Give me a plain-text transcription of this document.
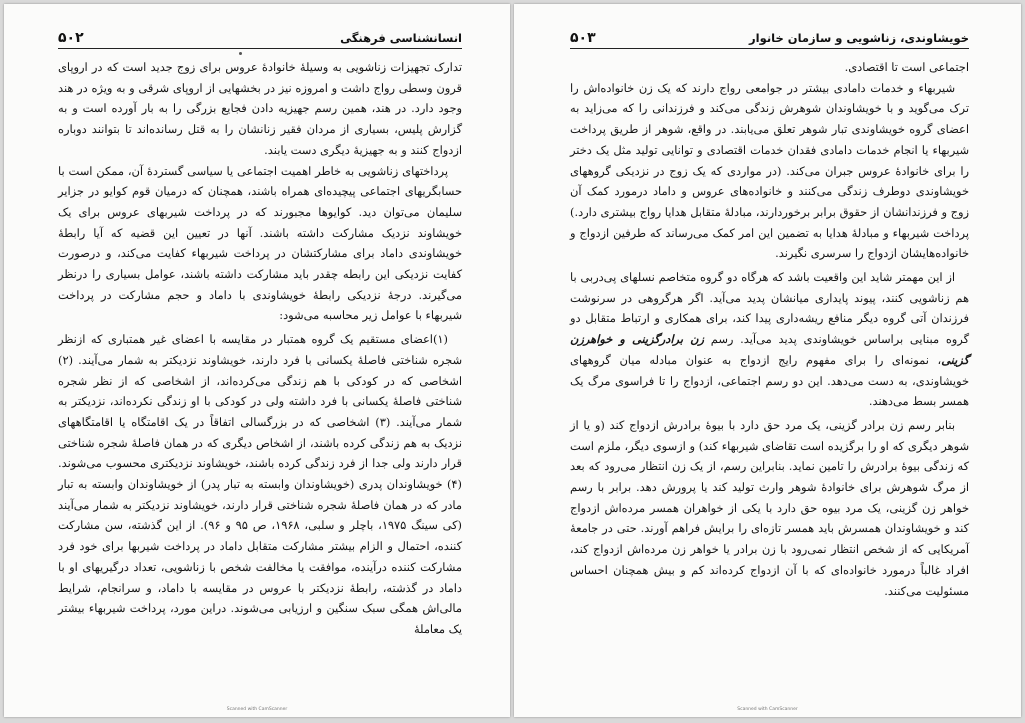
انسانشناسی فرهنگی
۵۰۲

تدارک تجهیزات زناشویی به وسیلهٔ خانوادهٔ عروس برای زوج جدید است که در اروپای قرون وسطی رواج داشت و امروزه نیز در بخشهایی از اروپای شرقی و به ویژه در هند وجود دارد. در هند، همین رسم جهیزیه دادن فجایع بزرگی را به بار آورده است و به گزارش پلیس، بسیاری از مردان فقیر زنانشان را به قتل رسانده‌اند تا بتوانند دوباره ازدواج کنند و به جهیزیهٔ دیگری دست یابند.

پرداختهای زناشویی به خاطر اهمیت اجتماعی یا سیاسی گستردهٔ آن، ممکن است با حسابگریهای اجتماعی پیچیده‌ای همراه باشند، همچنان که درمیان قوم کوایو در جزایر سلیمان می‌توان دید. کوایوها مجبورند که در پرداخت شیربهای عروس برای یک خویشاوند نزدیک مشارکت داشته باشند. آنها در تعیین این قضیه که آیا رابطهٔ خویشاوندی داماد برای مشارکتشان در پرداخت شیربهاء کفایت می‌کند، و درصورت کفایت نزدیکی این رابطه چقدر باید مشارکت داشته باشند، عوامل بسیاری را درنظر می‌گیرند. درجهٔ نزدیکی رابطهٔ خویشاوندی با داماد و حجم مشارکت در پرداخت شیربهاء با عوامل زیر محاسبه می‌شود:

(۱)اعضای مستقیم یک گروه همتبار در مقایسه با اعضای غیر همتباری که ازنظر شجره شناختی فاصلهٔ یکسانی با فرد دارند، خویشاوند نزدیکتر به شمار می‌آیند. (۲) اشخاصی که در کودکی با هم زندگی می‌کرده‌اند، از اشخاصی که از نظر شجره شناختی فاصلهٔ یکسانی با فرد داشته ولی در کودکی با او زندگی نکرده‌اند، نزدیکتر به شمار می‌آیند. (۳) اشخاصی که در بزرگسالی اتفاقاً در یک اقامتگاه یا اقامتگاههای نزدیک به هم زندگی کرده باشند، از اشخاص دیگری که در همان فاصلهٔ شجره شناختی قرار دارند ولی جدا از فرد زندگی کرده باشند، خویشاوند نزدیکتری محسوب می‌شوند. (۴) خویشاوندان پدری (خویشاوندان وابسته به تبار پدر) از خویشاوندان وابسته به تبار مادر که در همان فاصلهٔ شجره شناختی قرار دارند، خویشاوند نزدیکتر به شمار می‌آیند (کی سینگ ۱۹۷۵، باچلر و سلبی، ۱۹۶۸، ص ۹۵ و ۹۶). از این گذشته، سن مشارکت کننده، احتمال و الزام بیشتر مشارکت متقابل داماد در پرداخت شیربها برای خود فرد مشارکت کننده درآینده، موافقت یا مخالفت شخص با زناشویی، تعداد درگیریهای او با داماد در گذشته، رابطهٔ نزدیکتر با عروس در مقایسه با داماد، و سرانجام، شرایط مالی‌اش همگی سبک سنگین و ارزیابی می‌شوند. دراین مورد، پرداخت شیربهاء بیشتر یک معاملهٔ

Scanned with CamScanner
خویشاوندی، زناشویی و سازمان خانوار
۵۰۳

اجتماعی است تا اقتصادی.

شیربهاء و خدمات دامادی بیشتر در جوامعی رواج دارند که یک زن خانواده‌اش را ترک می‌گوید و با خویشاوندان شوهرش زندگی می‌کند و فرزندانی را که می‌زاید به اعضای گروه خویشاوندی تبار شوهر تعلق می‌یابند. در واقع، شوهر از طریق پرداخت شیربهاء یا انجام خدمات دامادی فقدان خدمات اقتصادی و توانایی تولید مثل یک دختر را برای خانوادهٔ عروس جبران می‌کند. (در مواردی که یک زوج در نزدیکی گروههای خویشاوندی دوطرف زندگی می‌کنند و خانواده‌های عروس و داماد درمورد کمک آن زوج و فرزندانشان از حقوق برابر برخوردارند، مبادلهٔ متقابل هدایا رواج بیشتری دارد.) پرداخت شیربهاء و مبادلهٔ هدایا به تضمین این امر کمک می‌رساند که طرفین ازدواج و خانواده‌هایشان ازدواج را سرسری نگیرند.

از این مهمتر شاید این واقعیت باشد که هرگاه دو گروه متخاصم نسلهای پی‌دربی با هم زناشویی کنند، پیوند پایداری میانشان پدید می‌آید. اگر هرگروهی در سرنوشت فرزندان آتی گروه دیگر منافع ریشه‌داری پیدا کند، برای همکاری و ارتباط متقابل دو گروه مبنایی براساس خویشاوندی پدید می‌آید. رسم زن برادرگزینی و خواهرزن گزینی، نمونه‌ای را برای مفهوم رایج ازدواج به عنوان مبادله میان گروههای خویشاوندی، به دست می‌دهد. این دو رسم اجتماعی، ازدواج را تا فراسوی مرگ یک همسر بسط می‌دهند.

بنابر رسم زن برادر گزینی، یک مرد حق دارد با بیوهٔ برادرش ازدواج کند (و یا از شوهر دیگری که او را برگزیده است تقاضای شیربهاء کند) و ازسوی دیگر، ملزم است که زندگی بیوهٔ برادرش را تامین نماید. بنابراین رسم، از یک زن انتظار می‌رود که بعد از مرگ شوهرش برای خانوادهٔ شوهر وارث تولید کند یا پرورش دهد. برابر با رسم خواهر زن گزینی، یک مرد بیوه حق دارد با یکی از خواهران همسر مرده‌اش ازدواج کند و خویشاوندان همسرش باید همسر تازه‌ای را برایش فراهم آورند. حتی در جامعهٔ آمریکایی که از شخص انتظار نمی‌رود با زن برادر یا خواهر زن مرده‌اش ازدواج کند، افراد غالباً درمورد خانواده‌ای که با آن ازدواج کرده‌اند کم و بیش همچنان احساس مسئولیت می‌کنند.

Scanned with CamScanner
